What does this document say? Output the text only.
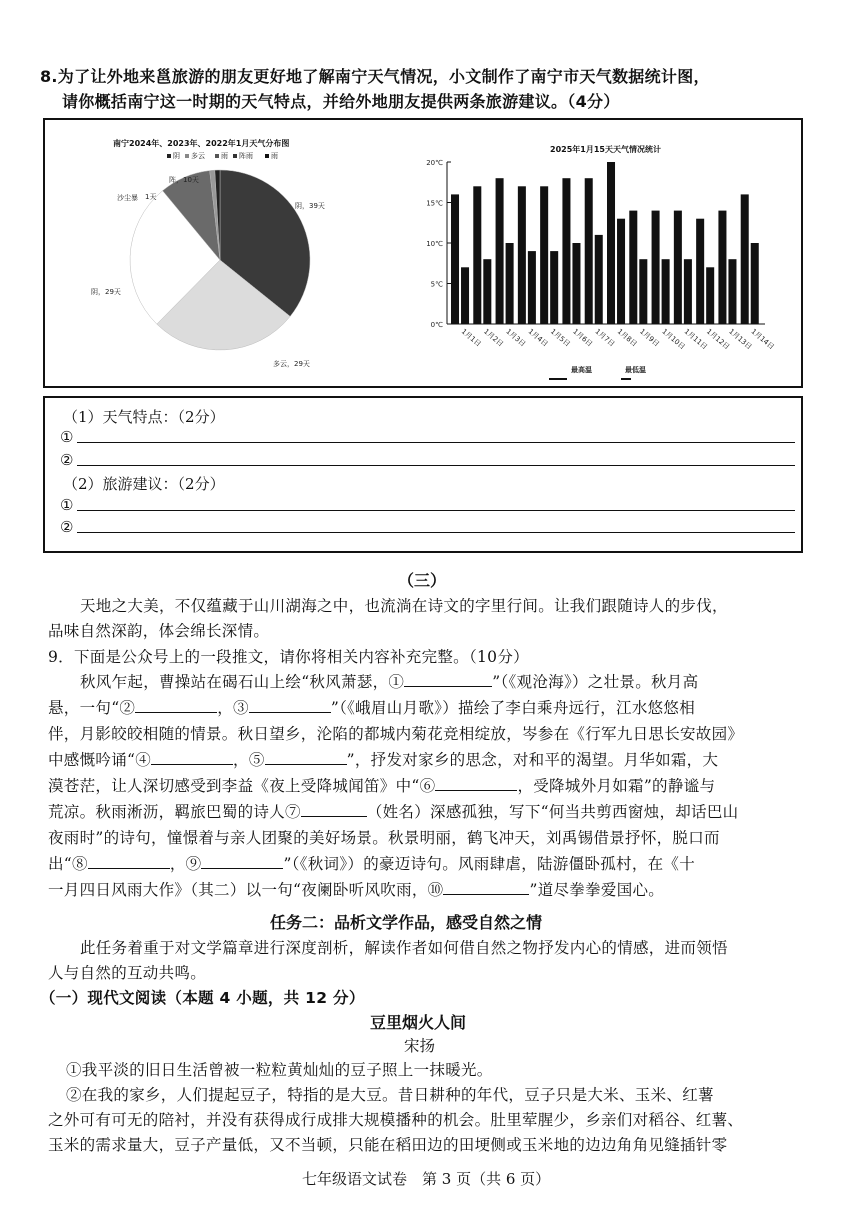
8.为了让外地来邕旅游的朋友更好地了解南宁天气情况，小文制作了南宁市天气数据统计图，
请你概括南宁这一时期的天气特点，并给外地朋友提供两条旅游建议。（4分）
南宁2024年、2023年、2022年1月天气分布图
阴 多云 雨 阵雨	雨
阴，39天
多云，29天
阴，29天
阵，10天
1天
沙尘暴
2025年1月15天天气情况统计
0℃
5℃
10℃
15℃
20℃
1月1日 1月2日 1月3日 1月4日 1月5日 1月6日 1月7日 1月8日 1月9日 1月10日
1月11日
1月12日
1月13日
1月14日
最高温	最低温
（1）天气特点：（2分）
①
②
（2）旅游建议：（2分）
①
②
（三）
天地之大美，不仅蕴藏于山川湖海之中，也流淌在诗文的字里行间。让我们跟随诗人的步伐，
品味自然深韵，体会绵长深情。
9．下面是公众号上的一段推文，请你将相关内容补充完整。（10分）
秋风乍起，曹操站在碣石山上绘“秋风萧瑟，①	”（《观沧海》）之壮景。秋月高
悬，一句“②	，③	”（《峨眉山月歌》）描绘了李白乘舟远行，江水悠悠相
伴，月影皎皎相随的情景。秋日望乡，沦陷的都城内菊花竞相绽放，岑参在《行军九日思长安故园》
中感慨吟诵“④	，⑤	”，抒发对家乡的思念，对和平的渴望。月华如霜，大
漠苍茫，让人深切感受到李益《夜上受降城闻笛》中“⑥	，受降城外月如霜”的静谧与
荒凉。秋雨淅沥，羁旅巴蜀的诗人⑦	（姓名）深感孤独，写下“何当共剪西窗烛，却话巴山
夜雨时”的诗句，憧憬着与亲人团聚的美好场景。秋景明丽，鹤飞冲天，刘禹锡借景抒怀，脱口而
出“⑧	，⑨	”（《秋词》）的豪迈诗句。风雨肆虐，陆游僵卧孤村，在《十
一月四日风雨大作》（其二）以一句“夜阑卧听风吹雨，⑩	”道尽拳拳爱国心。
任务二：品析文学作品，感受自然之情
此任务着重于对文学篇章进行深度剖析，解读作者如何借自然之物抒发内心的情感，进而领悟
人与自然的互动共鸣。
（一）现代文阅读（本题 4 小题，共 12 分）
豆里烟火人间
宋扬
①我平淡的旧日生活曾被一粒粒黄灿灿的豆子照上一抹暖光。
②在我的家乡，人们提起豆子，特指的是大豆。昔日耕种的年代，豆子只是大米、玉米、红薯
之外可有可无的陪衬，并没有获得成行成排大规模播种的机会。肚里荤腥少，乡亲们对稻谷、红薯、
玉米的需求量大，豆子产量低，又不当顿，只能在稻田边的田埂侧或玉米地的边边角角见缝插针零
七年级语文试卷　第 3 页（共 6 页）
